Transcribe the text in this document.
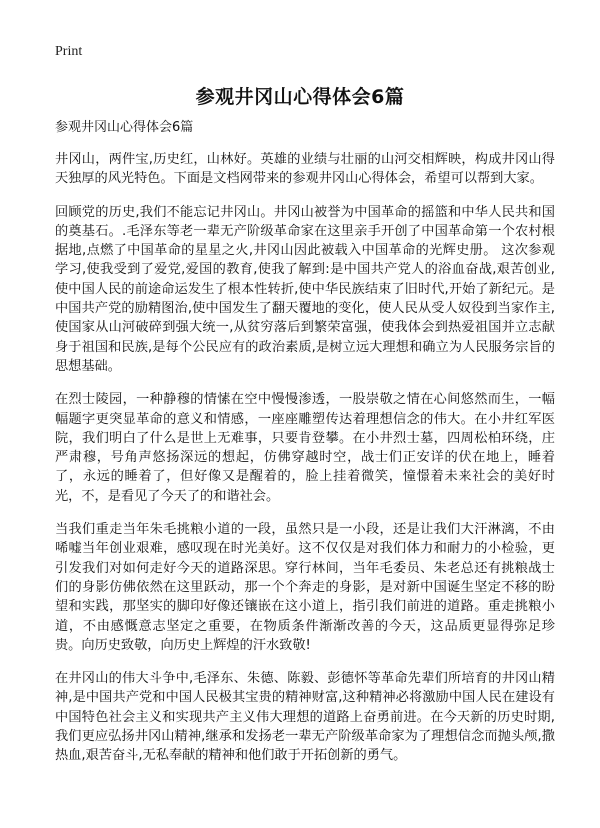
Print
参观井冈山心得体会6篇

参观井冈山心得体会6篇

井冈山，两件宝,历史红，山林好。英雄的业绩与壮丽的山河交相辉映，构成井冈山得天独厚的风光特色。下面是文档网带来的参观井冈山心得体会，希望可以帮到大家。

回顾党的历史,我们不能忘记井冈山。井冈山被誉为中国革命的摇篮和中华人民共和国的奠基石。.毛泽东等老一辈无产阶级革命家在这里亲手开创了中国革命第一个农村根据地,点燃了中国革命的星星之火,井冈山因此被载入中国革命的光辉史册。 这次参观学习,使我受到了爱党,爱国的教育,使我了解到:是中国共产党人的浴血奋战,艰苦创业,使中国人民的前途命运发生了根本性转折,使中华民族结束了旧时代,开始了新纪元。是中国共产党的励精图治,使中国发生了翻天覆地的变化，使人民从受人奴役到当家作主,使国家从山河破碎到强大统一,从贫穷落后到繁荣富强，使我体会到热爱祖国并立志献身于祖国和民族,是每个公民应有的政治素质,是树立远大理想和确立为人民服务宗旨的思想基础。

在烈士陵园，一种静穆的情愫在空中慢慢渗透，一股崇敬之情在心间悠然而生，一幅幅题字更突显革命的意义和情感，一座座雕塑传达着理想信念的伟大。在小井红军医院，我们明白了什么是世上无难事，只要肯登攀。在小井烈士墓，四周松柏环绕，庄严肃穆，号角声悠扬深远的想起，仿佛穿越时空，战士们正安详的伏在地上，睡着了，永远的睡着了，但好像又是醒着的，脸上挂着微笑，憧憬着未来社会的美好时光，不，是看见了今天了的和谐社会。

当我们重走当年朱毛挑粮小道的一段，虽然只是一小段，还是让我们大汗淋漓，不由唏嘘当年创业艰难，感叹现在时光美好。这不仅仅是对我们体力和耐力的小检验，更引发我们对如何走好今天的道路深思。穿行林间，当年毛委员、朱老总还有挑粮战士们的身影仿佛依然在这里跃动，那一个个奔走的身影，是对新中国诞生坚定不移的盼望和实践，那坚实的脚印好像还镶嵌在这小道上，指引我们前进的道路。重走挑粮小道，不由感慨意志坚定之重要，在物质条件渐渐改善的今天，这品质更显得弥足珍贵。向历史致敬，向历史上辉煌的汗水致敬!

在井冈山的伟大斗争中,毛泽东、朱德、陈毅、彭德怀等革命先辈们所培育的井冈山精神,是中国共产党和中国人民极其宝贵的精神财富,这种精神必将激励中国人民在建设有中国特色社会主义和实现共产主义伟大理想的道路上奋勇前进。在今天新的历史时期,我们更应弘扬井冈山精神,继承和发扬老一辈无产阶级革命家为了理想信念而抛头颅,撒热血,艰苦奋斗,无私奉献的精神和他们敢于开拓创新的勇气。
